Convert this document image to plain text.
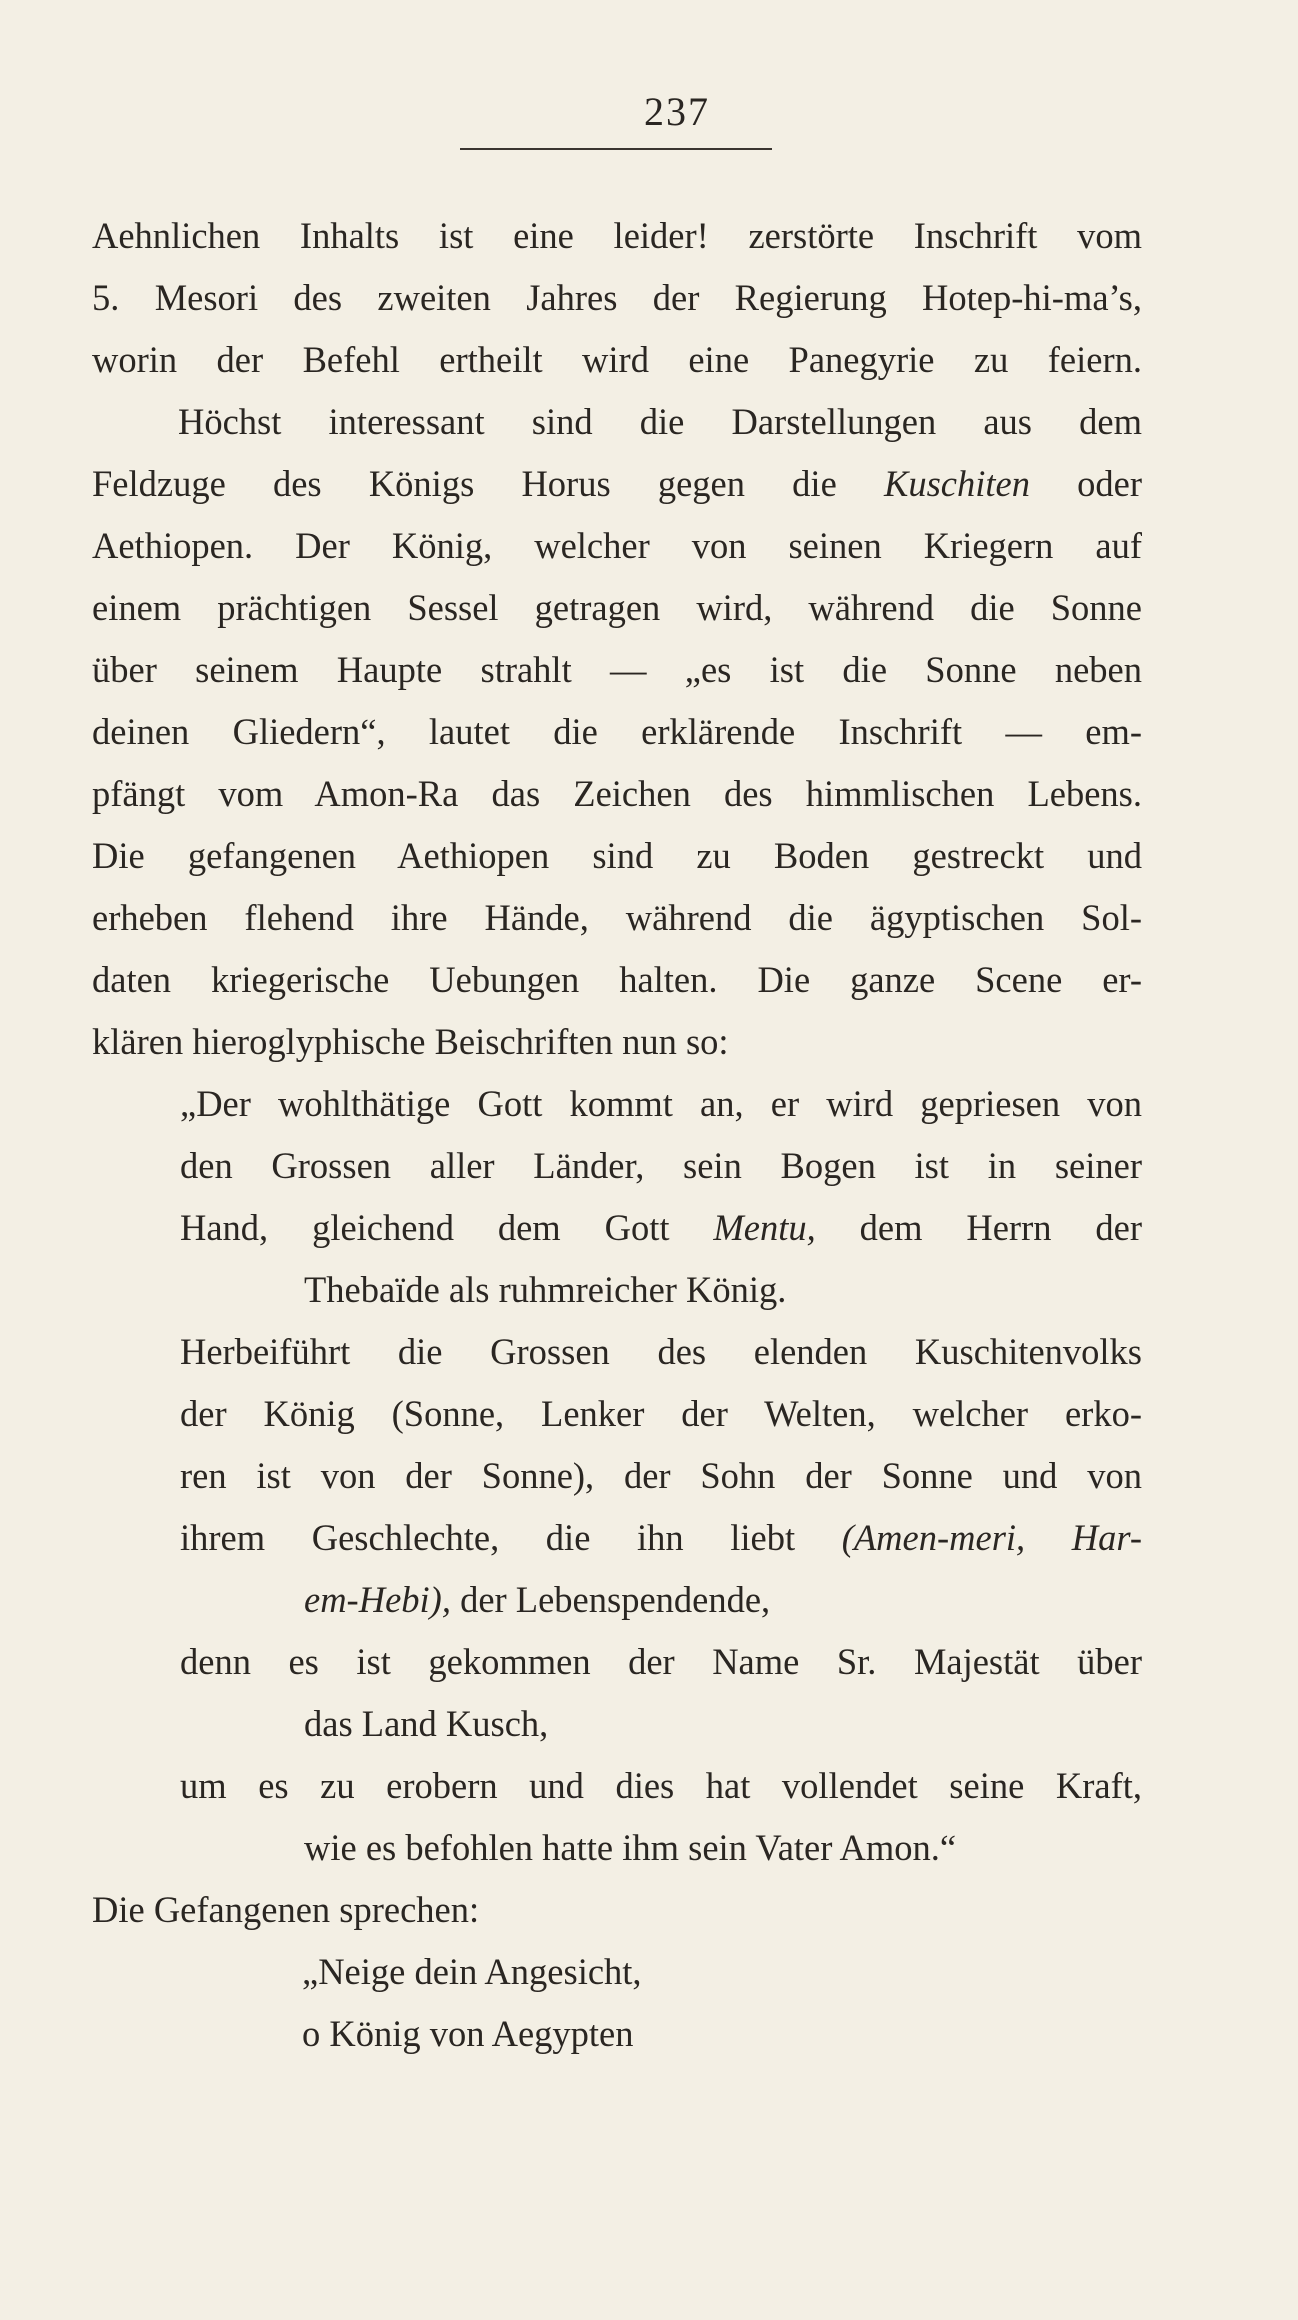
237
Aehnlichen Inhalts ist eine leider! zerstörte Inschrift vom
5. Mesori des zweiten Jahres der Regierung Hotep-hi-ma’s,
worin der Befehl ertheilt wird eine Panegyrie zu feiern.
Höchst interessant sind die Darstellungen aus dem
Feldzuge des Königs Horus gegen die Kuschiten oder
Aethiopen. Der König, welcher von seinen Kriegern auf
einem prächtigen Sessel getragen wird, während die Sonne
über seinem Haupte strahlt — „es ist die Sonne neben
deinen Gliedern“, lautet die erklärende Inschrift — em-
pfängt vom Amon-Ra das Zeichen des himmlischen Lebens.
Die gefangenen Aethiopen sind zu Boden gestreckt und
erheben flehend ihre Hände, während die ägyptischen Sol-
daten kriegerische Uebungen halten. Die ganze Scene er-
klären hieroglyphische Beischriften nun so:
„Der wohlthätige Gott kommt an, er wird gepriesen von
den Grossen aller Länder, sein Bogen ist in seiner
Hand, gleichend dem Gott Mentu, dem Herrn der
Thebaïde als ruhmreicher König.
Herbeiführt die Grossen des elenden Kuschitenvolks
der König (Sonne, Lenker der Welten, welcher erko-
ren ist von der Sonne), der Sohn der Sonne und von
ihrem Geschlechte, die ihn liebt (Amen-meri, Har-
em-Hebi), der Lebenspendende,
denn es ist gekommen der Name Sr. Majestät über
das Land Kusch,
um es zu erobern und dies hat vollendet seine Kraft,
wie es befohlen hatte ihm sein Vater Amon.“
Die Gefangenen sprechen:
„Neige dein Angesicht,
o König von Aegypten
